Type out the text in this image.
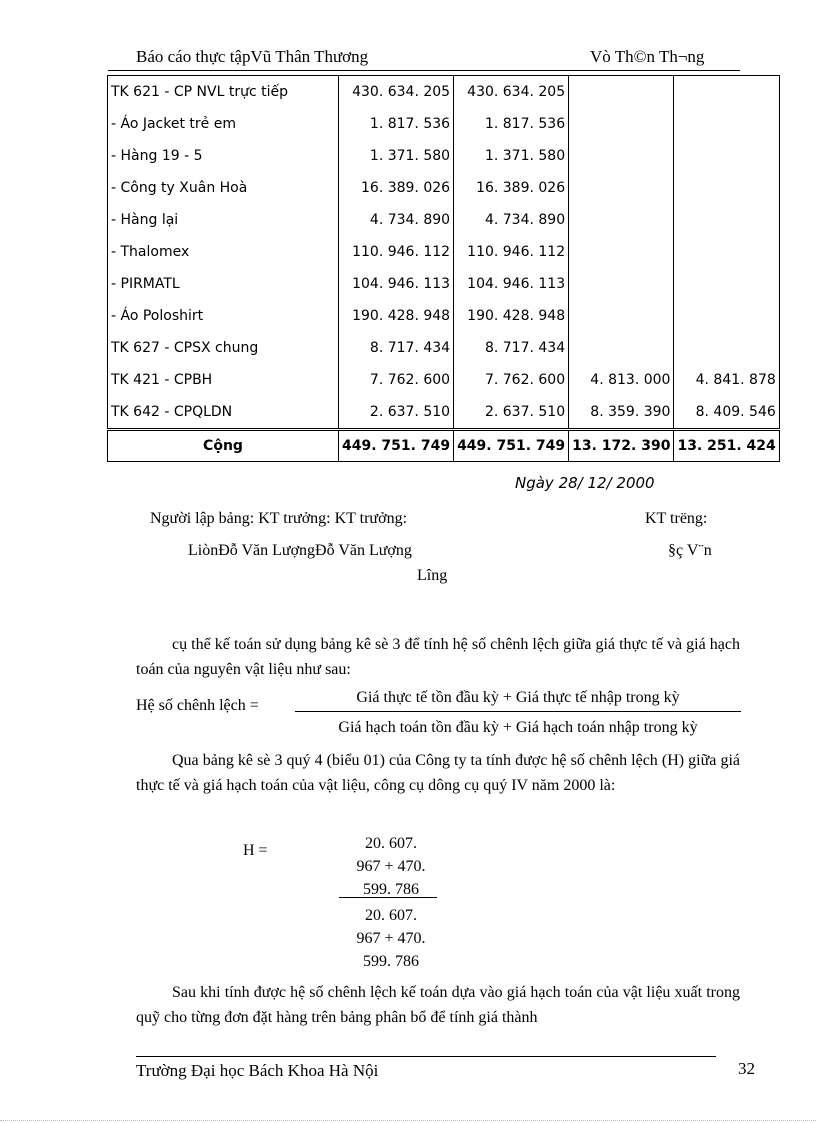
Báo cáo thực tậpVũ Thân Thương	Vò Th©n Th¬ng
TK 621 - CP NVL trực tiếp	430. 634. 205	430. 634. 205		
- Áo Jacket trẻ em	1. 817. 536	1. 817. 536		
- Hàng 19 - 5	1. 371. 580	1. 371. 580		
- Công ty Xuân Hoà	16. 389. 026	16. 389. 026		
- Hàng lại	4. 734. 890	4. 734. 890		
- Thalomex	110. 946. 112	110. 946. 112		
- PIRMATL	104. 946. 113	104. 946. 113		
- Áo Poloshirt	190. 428. 948	190. 428. 948		
TK 627 - CPSX chung	8. 717. 434	8. 717. 434		
TK 421 - CPBH	7. 762. 600	7. 762. 600	4. 813. 000	4. 841. 878
TK 642 - CPQLDN	2. 637. 510	2. 637. 510	8. 359. 390	8. 409. 546
Cộng	449. 751. 749	449. 751. 749	13. 172. 390	13. 251. 424
Ngày 28/ 12/ 2000
Người lập bảng: KT trưởng: KT trưởng:	KT trëng:
LiònĐỗ Văn LượngĐỗ Văn Lượng	§ç V¨n
Lîng
cụ thể kế toán sử dụng bảng kê sè 3 để tính hệ số chênh lệch giữa giá thực tế và giá hạch toán của nguyên vật liệu như sau:
Hệ số chênh lệch =	Giá thực tế tồn đầu kỳ + Giá thực tế nhập trong kỳ
Giá hạch toán tồn đầu kỳ + Giá hạch toán nhập trong kỳ
Qua bảng kê sè 3 quý 4 (biểu 01) của Công ty ta tính được hệ số chênh lệch (H) giữa giá thực tế và giá hạch toán của vật liệu, công cụ dông cụ quý IV năm 2000 là:
H =	20. 607.
967 + 470.
599. 786
20. 607.
967 + 470.
599. 786
Sau khi tính được hệ số chênh lệch kế toán dựa vào giá hạch toán của vật liệu xuất trong quỹ cho từng đơn đặt hàng trên bảng phân bổ để tính giá thành
Trường Đại học Bách Khoa Hà Nội	32
